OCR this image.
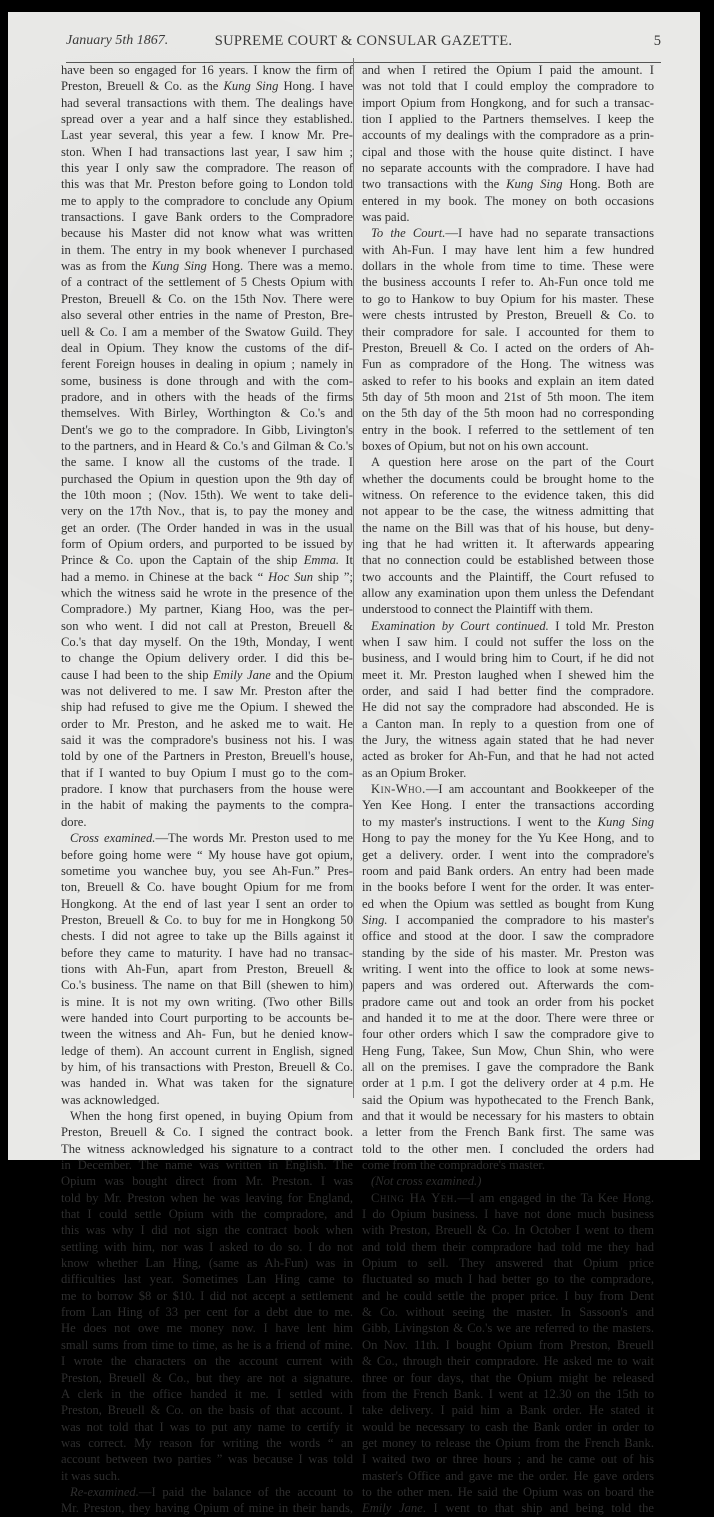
January 5th 1867.	SUPREME COURT & CONSULAR GAZETTE.	5
have been so engaged for 16 years. I know the firm of
Preston, Breuell & Co. as the Kung Sing Hong. I have
had several transactions with them. The dealings have
spread over a year and a half since they established.
Last year several, this year a few. I know Mr. Pre-
ston. When I had transactions last year, I saw him ;
this year I only saw the compradore. The reason of
this was that Mr. Preston before going to London told
me to apply to the compradore to conclude any Opium
transactions. I gave Bank orders to the Compradore
because his Master did not know what was written
in them. The entry in my book whenever I purchased
was as from the Kung Sing Hong. There was a memo.
of a contract of the settlement of 5 Chests Opium with
Preston, Breuell & Co. on the 15th Nov. There were
also several other entries in the name of Preston, Bre-
uell & Co. I am a member of the Swatow Guild. They
deal in Opium. They know the customs of the dif-
ferent Foreign houses in dealing in opium ; namely in
some, business is done through and with the com-
pradore, and in others with the heads of the firms
themselves. With Birley, Worthington & Co.'s and
Dent's we go to the compradore. In Gibb, Livington's
to the partners, and in Heard & Co.'s and Gilman & Co.'s
the same. I know all the customs of the trade. I
purchased the Opium in question upon the 9th day of
the 10th moon ; (Nov. 15th). We went to take deli-
very on the 17th Nov., that is, to pay the money and
get an order. (The Order handed in was in the usual
form of Opium orders, and purported to be issued by
Prince & Co. upon the Captain of the ship Emma. It
had a memo. in Chinese at the back “ Hoc Sun ship ”;
which the witness said he wrote in the presence of the
Compradore.) My partner, Kiang Hoo, was the per-
son who went. I did not call at Preston, Breuell &
Co.'s that day myself. On the 19th, Monday, I went
to change the Opium delivery order. I did this be-
cause I had been to the ship Emily Jane and the Opium
was not delivered to me. I saw Mr. Preston after the
ship had refused to give me the Opium. I shewed the
order to Mr. Preston, and he asked me to wait. He
said it was the compradore's business not his. I was
told by one of the Partners in Preston, Breuell's house,
that if I wanted to buy Opium I must go to the com-
pradore. I know that purchasers from the house were
in the habit of making the payments to the compra-
dore.
Cross examined.—The words Mr. Preston used to me
before going home were “ My house have got opium,
sometime you wanchee buy, you see Ah-Fun.” Pres-
ton, Breuell & Co. have bought Opium for me from
Hongkong. At the end of last year I sent an order to
Preston, Breuell & Co. to buy for me in Hongkong 50
chests. I did not agree to take up the Bills against it
before they came to maturity. I have had no transac-
tions with Ah-Fun, apart from Preston, Breuell &
Co.'s business. The name on that Bill (shewen to him)
is mine. It is not my own writing. (Two other Bills
were handed into Court purporting to be accounts be-
tween the witness and Ah- Fun, but he denied know-
ledge of them). An account current in English, signed
by him, of his transactions with Preston, Breuell & Co.
was handed in. What was taken for the signature
was acknowledged.
When the hong first opened, in buying Opium from
Preston, Breuell & Co. I signed the contract book.
The witness acknowledged his signature to a contract
in December. The name was written in English. The
Opium was bought direct from Mr. Preston. I was
told by Mr. Preston when he was leaving for England,
that I could settle Opium with the compradore, and
this was why I did not sign the contract book when
settling with him, nor was I asked to do so. I do not
know whether Lan Hing, (same as Ah-Fun) was in
difficulties last year. Sometimes Lan Hing came to
me to borrow $8 or $10. I did not accept a settlement
from Lan Hing of 33 per cent for a debt due to me.
He does not owe me money now. I have lent him
small sums from time to time, as he is a friend of mine.
I wrote the characters on the account current with
Preston, Breuell & Co., but they are not a signature.
A clerk in the office handed it me. I settled with
Preston, Breuell & Co. on the basis of that account. I
was not told that I was to put any name to certify it
was correct. My reason for writing the words “ an
account between two parties ” was because I was told
it was such.
Re-examined.—I paid the balance of the account to
Mr. Preston, they having Opium of mine in their hands,
and when I retired the Opium I paid the amount. I
was not told that I could employ the compradore to
import Opium from Hongkong, and for such a transac-
tion I applied to the Partners themselves. I keep the
accounts of my dealings with the compradore as a prin-
cipal and those with the house quite distinct. I have
no separate accounts with the compradore. I have had
two transactions with the Kung Sing Hong. Both are
entered in my book. The money on both occasions
was paid.
To the Court.—I have had no separate transactions
with Ah-Fun. I may have lent him a few hundred
dollars in the whole from time to time. These were
the business accounts I refer to. Ah-Fun once told me
to go to Hankow to buy Opium for his master. These
were chests intrusted by Preston, Breuell & Co. to
their compradore for sale. I accounted for them to
Preston, Breuell & Co. I acted on the orders of Ah-
Fun as compradore of the Hong. The witness was
asked to refer to his books and explain an item dated
5th day of 5th moon and 21st of 5th moon. The item
on the 5th day of the 5th moon had no corresponding
entry in the book. I referred to the settlement of ten
boxes of Opium, but not on his own account.
A question here arose on the part of the Court
whether the documents could be brought home to the
witness. On reference to the evidence taken, this did
not appear to be the case, the witness admitting that
the name on the Bill was that of his house, but deny-
ing that he had written it. It afterwards appearing
that no connection could be established between those
two accounts and the Plaintiff, the Court refused to
allow any examination upon them unless the Defendant
understood to connect the Plaintiff with them.
Examination by Court continued. I told Mr. Preston
when I saw him. I could not suffer the loss on the
business, and I would bring him to Court, if he did not
meet it. Mr. Preston laughed when I shewed him the
order, and said I had better find the compradore.
He did not say the compradore had absconded. He is
a Canton man. In reply to a question from one of
the Jury, the witness again stated that he had never
acted as broker for Ah-Fun, and that he had not acted
as an Opium Broker.
Kin-Who.—I am accountant and Bookkeeper of the
Yen Kee Hong. I enter the transactions according
to my master's instructions. I went to the Kung Sing
Hong to pay the money for the Yu Kee Hong, and to
get a delivery. order. I went into the compradore's
room and paid Bank orders. An entry had been made
in the books before I went for the order. It was enter-
ed when the Opium was settled as bought from Kung
Sing. I accompanied the compradore to his master's
office and stood at the door. I saw the compradore
standing by the side of his master. Mr. Preston was
writing. I went into the office to look at some news-
papers and was ordered out. Afterwards the com-
pradore came out and took an order from his pocket
and handed it to me at the door. There were three or
four other orders which I saw the compradore give to
Heng Fung, Takee, Sun Mow, Chun Shin, who were
all on the premises. I gave the compradore the Bank
order at 1 p.m. I got the delivery order at 4 p.m. He
said the Opium was hypothecated to the French Bank,
and that it would be necessary for his masters to obtain
a letter from the French Bank first. The same was
told to the other men. I concluded the orders had
come from the compradore's master.
(Not cross examined.)
Ching Ha Yeh.—I am engaged in the Ta Kee Hong.
I do Opium business. I have not done much business
with Preston, Breuell & Co. In October I went to them
and told them their compradore had told me they had
Opium to sell. They answered that Opium price
fluctuated so much I had better go to the compradore,
and he could settle the proper price. I buy from Dent
& Co. without seeing the master. In Sassoon's and
Gibb, Livingston & Co.'s we are referred to the masters.
On Nov. 11th. I bought Opium from Preston, Breuell
& Co., through their compradore. He asked me to wait
three or four days, that the Opium might be released
from the French Bank. I went at 12.30 on the 15th to
take delivery. I paid him a Bank order. He stated it
would be necessary to cash the Bank order in order to
get money to release the Opium from the French Bank.
I waited two or three hours ; and he came out of his
master's Office and gave me the order. He gave orders
to the other men. He said the Opium was on board the
Emily Jane. I went to that ship and being told the
